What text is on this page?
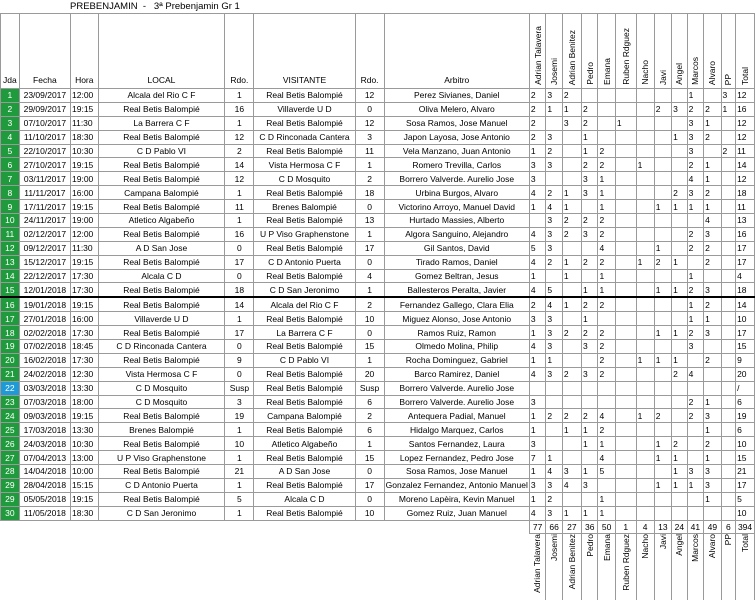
PREBENJAMIN  -   3ª Prebenjamin Gr 1
Jda	Fecha	Hora	LOCAL	Rdo.	VISITANTE	Rdo.	Arbitro	Adrian Talavera	Josemi	Adrian Benitez	Pedro	Emana	Ruben Rdguez	Nacho	Javi	Angel	Marcos	Alvaro	PP	Total
1	23/09/2017	12:00	Alcala del Rio C F	1	Real Betis Balompié	12	Perez Sivianes, Daniel	2	3	2							1		3	12
2	29/09/2017	19:15	Real Betis Balompié	16	Villaverde U D	0	Oliva Melero, Alvaro	2	1	1	2				2	3	2	2	1	16
3	07/10/2017	11:30	La Barrera C F	1	Real Betis Balompié	12	Sosa Ramos, Jose Manuel	2		3	2		1				3	1		12
4	11/10/2017	18:30	Real Betis Balompié	12	C D Rinconada Cantera	3	Japon Layosa, Jose Antonio	2	3		1					1	3	2		12
5	22/10/2017	10:30	C D Pablo VI	2	Real Betis Balompié	11	Vela Manzano, Juan Antonio	1	2		1	2					3		2	11
6	27/10/2017	19:15	Real Betis Balompié	14	Vista Hermosa C F	1	Romero Trevilla, Carlos	3	3		2	2		1			2	1		14
7	03/11/2017	19:00	Real Betis Balompié	12	C D Mosquito	2	Borrero Valverde. Aurelio Jose	3			3	1					4	1		12
8	11/11/2017	16:00	Campana Balompié	1	Real Betis Balompié	18	Urbina Burgos, Alvaro	4	2	1	3	1				2	3	2		18
9	17/11/2017	19:15	Real Betis Balompié	11	Brenes Balompié	0	Victorino Arroyo, Manuel David	1	4	1		1			1	1	1	1		11
10	24/11/2017	19:00	Atletico Algabeño	1	Real Betis Balompié	13	Hurtado Massies, Alberto		3	2	2	2						4		13
11	02/12/2017	12:00	Real Betis Balompié	16	U P Viso Graphenstone	1	Algora Sanguino, Alejandro	4	3	2	3	2					2	3		16
12	09/12/2017	11:30	A D San Jose	0	Real Betis Balompié	17	Gil Santos, David	5	3			4			1		2	2		17
13	15/12/2017	19:15	Real Betis Balompié	17	C D Antonio Puerta	0	Tirado Ramos, Daniel	4	2	1	2	2		1	2	1		2		17
14	22/12/2017	17:30	Alcala C D	0	Real Betis Balompié	4	Gomez Beltran, Jesus	1		1		1					1			4
15	12/01/2018	17:30	Real Betis Balompié	18	C D San Jeronimo	1	Ballesteros Peralta, Javier	4	5		1	1			1	1	2	3		18
16	19/01/2018	19:15	Real Betis Balompié	14	Alcala del Rio C F	2	Fernandez Gallego, Clara Elia	2	4	1	2	2					1	2		14
17	27/01/2018	16:00	Villaverde U D	1	Real Betis Balompié	10	Miguez Alonso, Jose Antonio	3	3		1						1	1		10
18	02/02/2018	17:30	Real Betis Balompié	17	La Barrera C F	0	Ramos Ruiz, Ramon	1	3	2	2	2			1	1	2	3		17
19	07/02/2018	18:45	C D Rinconada Cantera	0	Real Betis Balompié	15	Olmedo Molina, Philip	4	3		3	2					3			15
20	16/02/2018	17:30	Real Betis Balompié	9	C D Pablo VI	1	Rocha Dominguez, Gabriel	1	1			2		1	1	1		2		9
21	24/02/2018	12:30	Vista Hermosa C F	0	Real Betis Balompié	20	Barco Ramirez, Daniel	4	3	2	3	2				2	4			20
22	03/03/2018	13:30	C D Mosquito	Susp	Real Betis Balompié	Susp	Borrero Valverde. Aurelio Jose													/
23	07/03/2018	18:00	C D Mosquito	3	Real Betis Balompié	6	Borrero Valverde. Aurelio Jose	3									2	1		6
24	09/03/2018	19:15	Real Betis Balompié	19	Campana Balompié	2	Antequera Padial, Manuel	1	2	2	2	4		1	2		2	3		19
25	17/03/2018	13:30	Brenes Balompié	1	Real Betis Balompié	6	Hidalgo Marquez, Carlos	1		1	1	2						1		6
26	24/03/2018	10:30	Real Betis Balompié	10	Atletico Algabeño	1	Santos Fernandez, Laura	3			1	1			1	2		2		10
27	07/04/2013	13:00	U P Viso Graphenstone	1	Real Betis Balompié	15	Lopez Fernandez, Pedro Jose	7	1			4			1	1		1		15
28	14/04/2018	10:00	Real Betis Balompié	21	A D San Jose	0	Sosa Ramos, Jose Manuel	1	4	3	1	5				1	3	3		21
29	28/04/2018	15:15	C D Antonio Puerta	1	Real Betis Balompié	17	Gonzalez Fernandez, Antonio Manuel	3	3	4	3				1	1	1	3		17
29	05/05/2018	19:15	Real Betis Balompié	5	Alcala C D	0	Moreno Lapèira, Kevin Manuel	1	2			1						1		5
30	11/05/2018	18:30	C D San Jeronimo	1	Real Betis Balompié	10	Gomez Ruiz, Juan Manuel	4	3	1	1	1								10
								77	66	27	36	50	1	4	13	24	41	49	6	394
								Adrian Talavera	Josemi	Adrian Benitez	Pedro	Emana	Ruben Rdguez	Nacho	Javi	Angel	Marcos	Alvaro	PP	Total
